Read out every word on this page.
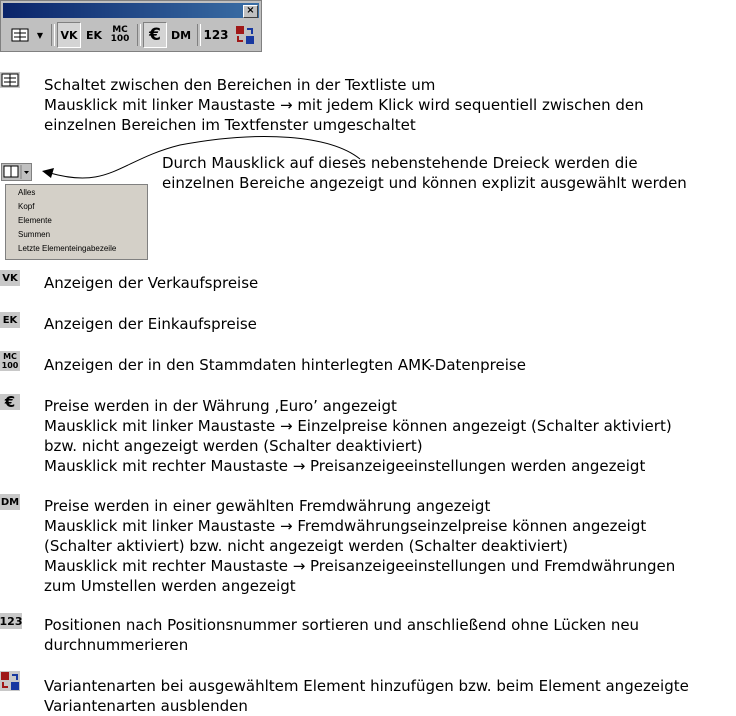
×
▼	VK EK	MC
100	€ DM 123
Schaltet zwischen den Bereichen in der Textliste um
Mausklick mit linker Maustaste → mit jedem Klick wird sequentiell zwischen den
einzelnen Bereichen im Textfenster umgeschaltet
Alles
Kopf
Elemente
Summen
Letzte Elementeingabezeile
Durch Mausklick auf dieses nebenstehende Dreieck werden die
einzelnen Bereiche angezeigt und können explizit ausgewählt werden
VK Anzeigen der Verkaufspreise
EK Anzeigen der Einkaufspreise
MC
100 Anzeigen der in den Stammdaten hinterlegten AMK-Datenpreise
€	Preise werden in der Währung ‚Euro’ angezeigt
Mausklick mit linker Maustaste → Einzelpreise können angezeigt (Schalter aktiviert)
bzw. nicht angezeigt werden (Schalter deaktiviert)
Mausklick mit rechter Maustaste → Preisanzeigeeinstellungen werden angezeigt
DM Preise werden in einer gewählten Fremdwährung angezeigt
Mausklick mit linker Maustaste → Fremdwährungseinzelpreise können angezeigt
(Schalter aktiviert) bzw. nicht angezeigt werden (Schalter deaktiviert)
Mausklick mit rechter Maustaste → Preisanzeigeeinstellungen und Fremdwährungen
zum Umstellen werden angezeigt
123 Positionen nach Positionsnummer sortieren und anschließend ohne Lücken neu
durchnummerieren
Variantenarten bei ausgewähltem Element hinzufügen bzw. beim Element angezeigte
Variantenarten ausblenden
